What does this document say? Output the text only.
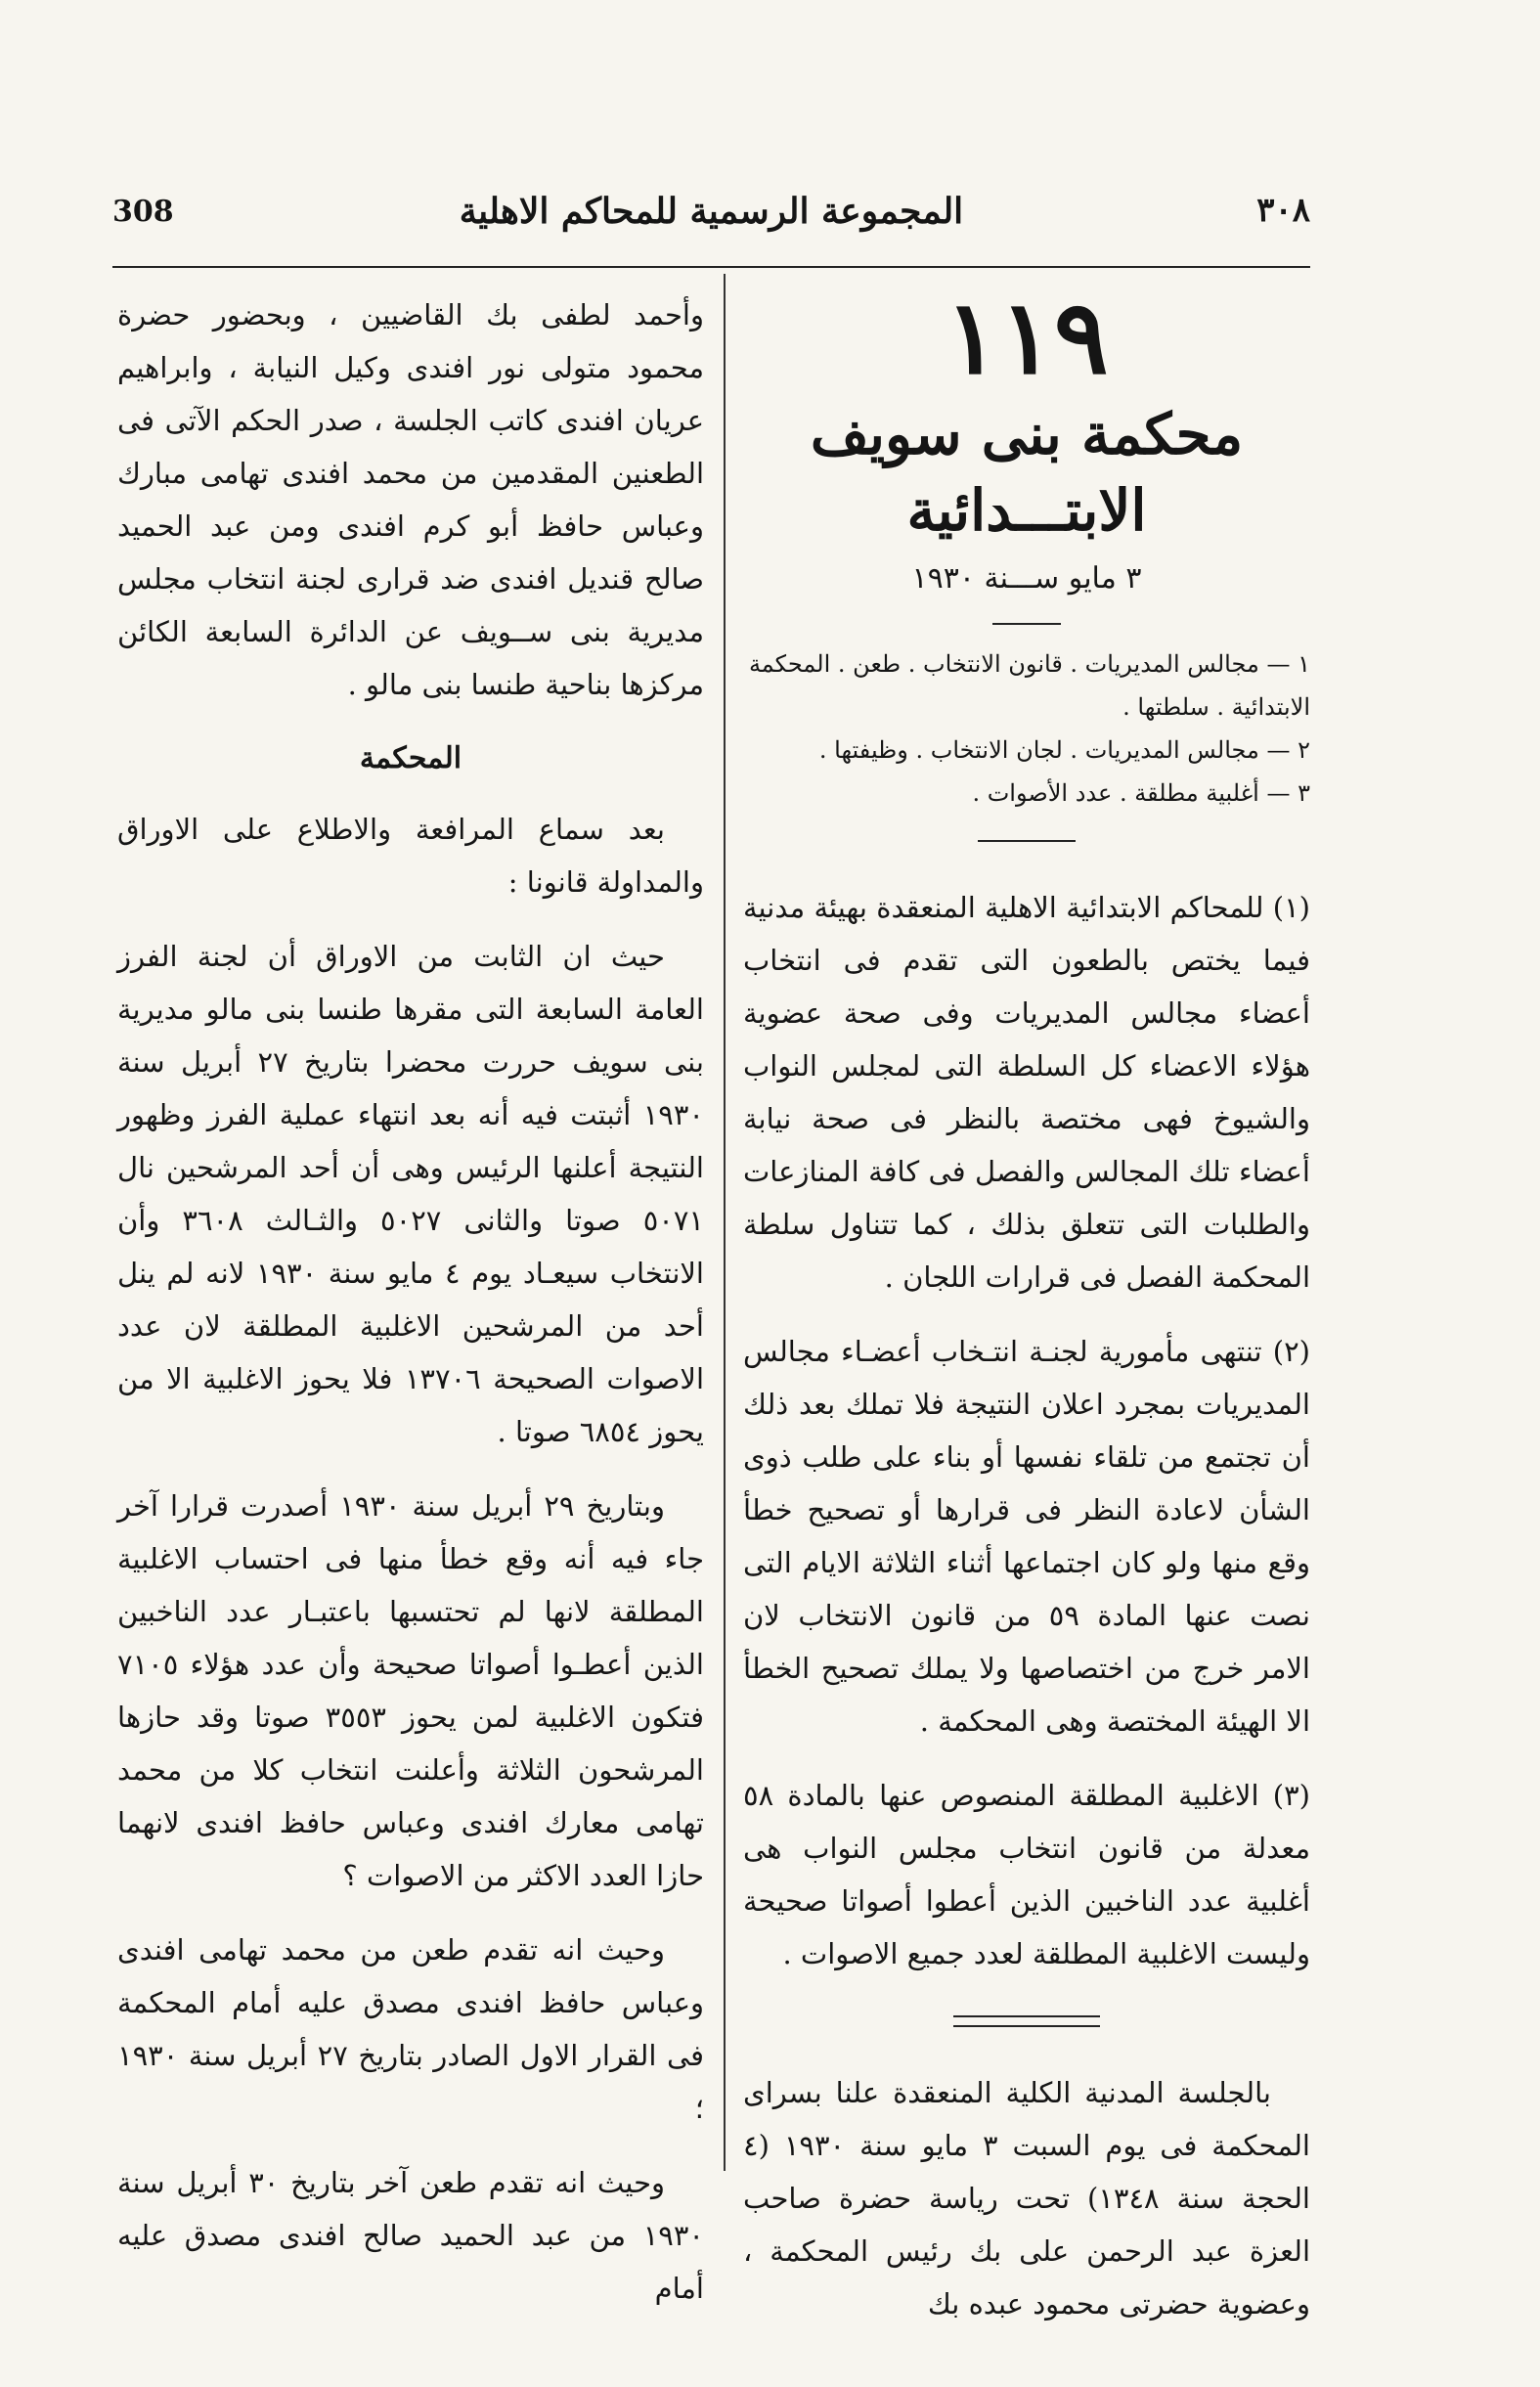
٣٠٨
المجموعة الرسمية للمحاكم الاهلية
308

١١٩

محكمة بنى سويف الابتـــدائية

٣ مايو ســـنة ١٩٣٠

١ — مجالس المديريات . قانون الانتخاب . طعن . المحكمة الابتدائية . سلطتها .

٢ — مجالس المديريات . لجان الانتخاب . وظيفتها .

٣ — أغلبية مطلقة . عدد الأصوات .

(١) للمحاكم الابتدائية الاهلية المنعقدة بهيئة مدنية فيما يختص بالطعون التى تقدم فى انتخاب أعضاء مجالس المديريات وفى صحة عضوية هؤلاء الاعضاء كل السلطة التى لمجلس النواب والشيوخ فهى مختصة بالنظر فى صحة نيابة أعضاء تلك المجالس والفصل فى كافة المنازعات والطلبات التى تتعلق بذلك ، كما تتناول سلطة المحكمة الفصل فى قرارات اللجان .

(٢) تنتهى مأمورية لجنـة انتـخاب أعضـاء مجالس المديريات بمجرد اعلان النتيجة فلا تملك بعد ذلك أن تجتمع من تلقاء نفسها أو بناء على طلب ذوى الشأن لاعادة النظر فى قرارها أو تصحيح خطأ وقع منها ولو كان اجتماعها أثناء الثلاثة الايام التى نصت عنها المادة ٥٩ من قانون الانتخاب لان الامر خرج من اختصاصها ولا يملك تصحيح الخطأ الا الهيئة المختصة وهى المحكمة .

(٣) الاغلبية المطلقة المنصوص عنها بالمادة ٥٨ معدلة من قانون انتخاب مجلس النواب هى أغلبية عدد الناخبين الذين أعطوا أصواتا صحيحة وليست الاغلبية المطلقة لعدد جميع الاصوات .

بالجلسة المدنية الكلية المنعقدة علنا بسراى المحكمة فى يوم السبت ٣ مايو سنة ١٩٣٠ (٤ الحجة سنة ١٣٤٨) تحت رياسة حضرة صاحب العزة عبد الرحمن على بك رئيس المحكمة ، وعضوية حضرتى محمود عبده بك

وأحمد لطفى بك القاضيين ، وبحضور حضرة محمود متولى نور افندى وكيل النيابة ، وابراهيم عريان افندى كاتب الجلسة ، صدر الحكم الآتى فى الطعنين المقدمين من محمد افندى تهامى مبارك وعباس حافظ أبو كرم افندى ومن عبد الحميد صالح قنديل افندى ضد قرارى لجنة انتخاب مجلس مديرية بنى ســويف عن الدائرة السابعة الكائن مركزها بناحية طنسا بنى مالو .

المحكمة

بعد سماع المرافعة والاطلاع على الاوراق والمداولة قانونا :

حيث ان الثابت من الاوراق أن لجنة الفرز العامة السابعة التى مقرها طنسا بنى مالو مديرية بنى سويف حررت محضرا بتاريخ ٢٧ أبريل سنة ١٩٣٠ أثبتت فيه أنه بعد انتهاء عملية الفرز وظهور النتيجة أعلنها الرئيس وهى أن أحد المرشحين نال ٥٠٧١ صوتا والثانى ٥٠٢٧ والثـالث ٣٦٠٨ وأن الانتخاب سيعـاد يوم ٤ مايو سنة ١٩٣٠ لانه لم ينل أحد من المرشحين الاغلبية المطلقة لان عدد الاصوات الصحيحة ١٣٧٠٦ فلا يحوز الاغلبية الا من يحوز ٦٨٥٤ صوتا .

وبتاريخ ٢٩ أبريل سنة ١٩٣٠ أصدرت قرارا آخر جاء فيه أنه وقع خطأ منها فى احتساب الاغلبية المطلقة لانها لم تحتسبها باعتبـار عدد الناخبين الذين أعطـوا أصواتا صحيحة وأن عدد هؤلاء ٧١٠٥ فتكون الاغلبية لمن يحوز ٣٥٥٣ صوتا وقد حازها المرشحون الثلاثة وأعلنت انتخاب كلا من محمد تهامى معارك افندى وعباس حافظ افندى لانهما حازا العدد الاكثر من الاصوات ؟

وحيث انه تقدم طعن من محمد تهامى افندى وعباس حافظ افندى مصدق عليه أمام المحكمة فى القرار الاول الصادر بتاريخ ٢٧ أبريل سنة ١٩٣٠ ؛

وحيث انه تقدم طعن آخر بتاريخ ٣٠ أبريل سنة ١٩٣٠ من عبد الحميد صالح افندى مصدق عليه أمام
